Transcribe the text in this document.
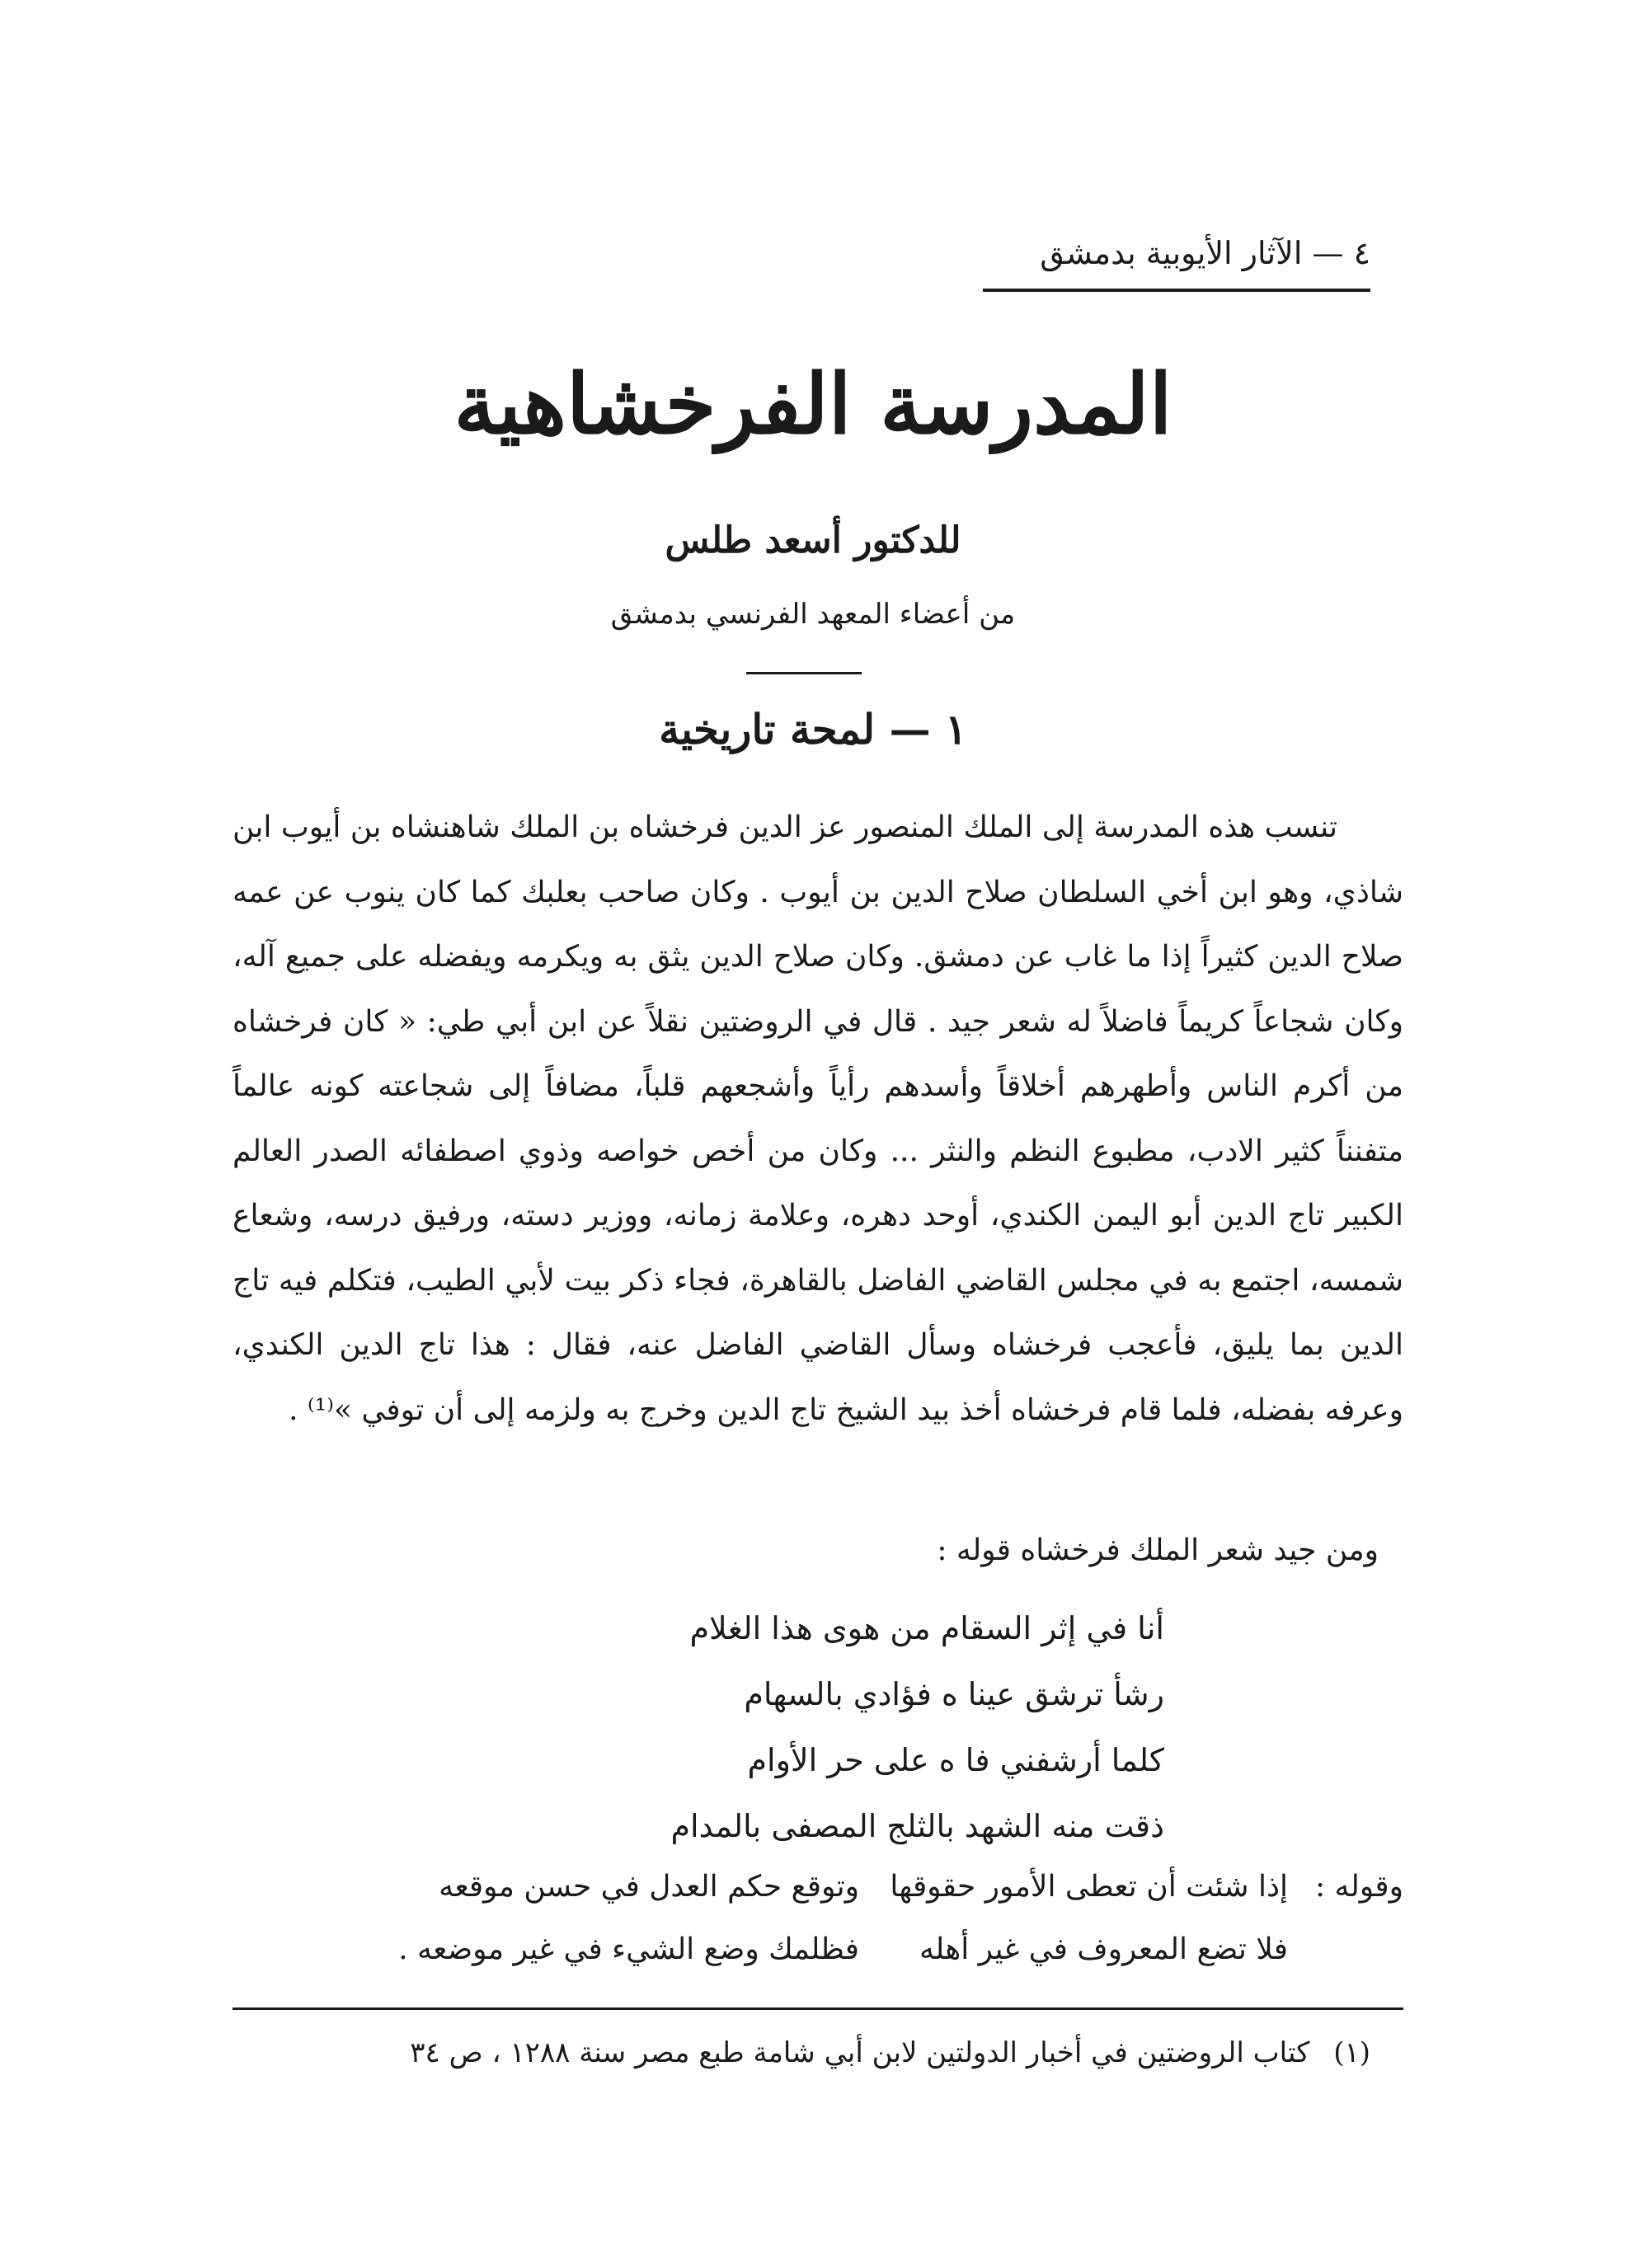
٤ — الآثار الأيوبية بدمشق
المدرسة الفرخشاهية
للدكتور أسعد طلس
من أعضاء المعهد الفرنسي بدمشق
١ — لمحة تاريخية

تنسب هذه المدرسة إلى الملك المنصور عز الدين فرخشاه بن الملك شاهنشاه بن أيوب ابن شاذي، وهو ابن أخي السلطان صلاح الدين بن أيوب . وكان صاحب بعلبك كما كان ينوب عن عمه صلاح الدين كثيراً إذا ما غاب عن دمشق. وكان صلاح الدين يثق به ويكرمه ويفضله على جميع آله، وكان شجاعاً كريماً فاضلاً له شعر جيد . قال في الروضتين نقلاً عن ابن أبي طي: « كان فرخشاه من أكرم الناس وأطهرهم أخلاقاً وأسدهم رأياً وأشجعهم قلباً، مضافاً إلى شجاعته كونه عالماً متفنناً كثير الادب، مطبوع النظم والنثر ... وكان من أخص خواصه وذوي اصطفائه الصدر العالم الكبير تاج الدين أبو اليمن الكندي، أوحد دهره، وعلامة زمانه، ووزير دسته، ورفيق درسه، وشعاع شمسه، اجتمع به في مجلس القاضي الفاضل بالقاهرة، فجاء ذكر بيت لأبي الطيب، فتكلم فيه تاج الدين بما يليق، فأعجب فرخشاه وسأل القاضي الفاضل عنه، فقال : هذا تاج الدين الكندي، وعرفه بفضله، فلما قام فرخشاه أخذ بيد الشيخ تاج الدين وخرج به ولزمه إلى أن توفي »⁽¹⁾ .

ومن جيد شعر الملك فرخشاه قوله :
أنا في إثر السقام من هوى هذا الغلام
رشأ ترشق عينا ه فؤادي بالسهام
كلما أرشفني فا ه على حر الأوام
ذقت منه الشهد بالثلج المصفى بالمدام
وقوله :
إذا شئت أن تعطى الأمور حقوقها
وتوقع حكم العدل في حسن موقعه
فلا تضع المعروف في غير أهله
فظلمك وضع الشيء في غير موضعه .
(١) كتاب الروضتين في أخبار الدولتين لابن أبي شامة طبع مصر سنة ١٢٨٨ ، ص ٣٤
